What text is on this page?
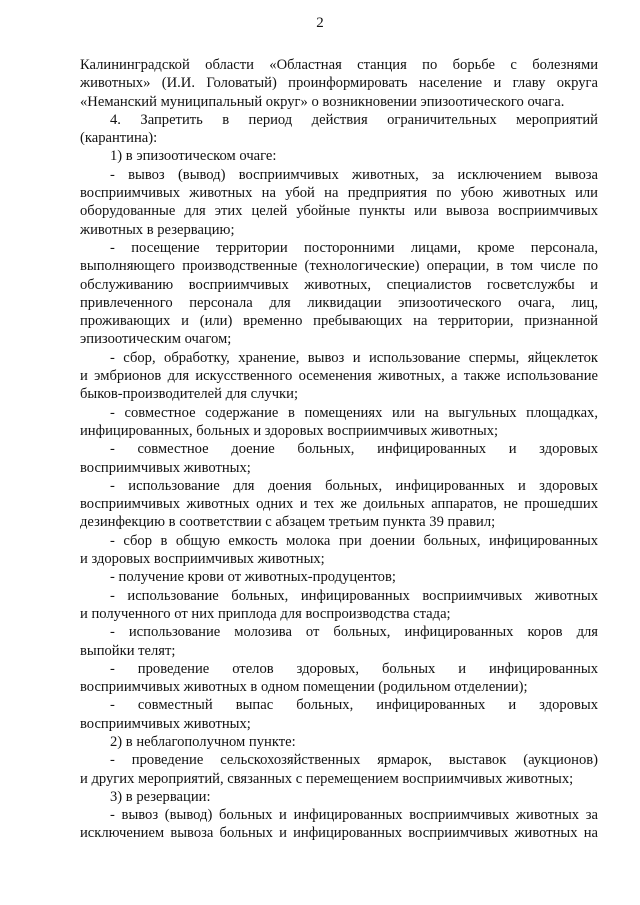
2
Калининградской области «Областная станция по борьбе с болезнями
животных» (И.И. Головатый) проинформировать население и главу округа
«Неманский муниципальный округ» о возникновении эпизоотического очага.
4. Запретить в период действия ограничительных мероприятий
(карантина):
1) в эпизоотическом очаге:
- вывоз (вывод) восприимчивых животных, за исключением вывоза
восприимчивых животных на убой на предприятия по убою животных или
оборудованные для этих целей убойные пункты или вывоза восприимчивых
животных в резервацию;
- посещение территории посторонними лицами, кроме персонала,
выполняющего производственные (технологические) операции, в том числе по
обслуживанию восприимчивых животных, специалистов госветслужбы и
привлеченного персонала для ликвидации эпизоотического очага, лиц,
проживающих и (или) временно пребывающих на территории, признанной
эпизоотическим очагом;
- сбор, обработку, хранение, вывоз и использование спермы, яйцеклеток
и эмбрионов для искусственного осеменения животных, а также использование
быков-производителей для случки;
- совместное содержание в помещениях или на выгульных площадках,
инфицированных, больных и здоровых восприимчивых животных;
- совместное доение больных, инфицированных и здоровых
восприимчивых животных;
- использование для доения больных, инфицированных и здоровых
восприимчивых животных одних и тех же доильных аппаратов, не прошедших
дезинфекцию в соответствии с абзацем третьим пункта 39 правил;
- сбор в общую емкость молока при доении больных, инфицированных
и здоровых восприимчивых животных;
- получение крови от животных-продуцентов;
- использование больных, инфицированных восприимчивых животных
и полученного от них приплода для воспроизводства стада;
- использование молозива от больных, инфицированных коров для
выпойки телят;
- проведение отелов здоровых, больных и инфицированных
восприимчивых животных в одном помещении (родильном отделении);
- совместный выпас больных, инфицированных и здоровых
восприимчивых животных;
2) в неблагополучном пункте:
- проведение сельскохозяйственных ярмарок, выставок (аукционов)
и других мероприятий, связанных с перемещением восприимчивых животных;
3) в резервации:
- вывоз (вывод) больных и инфицированных восприимчивых животных за
исключением вывоза больных и инфицированных восприимчивых животных на
